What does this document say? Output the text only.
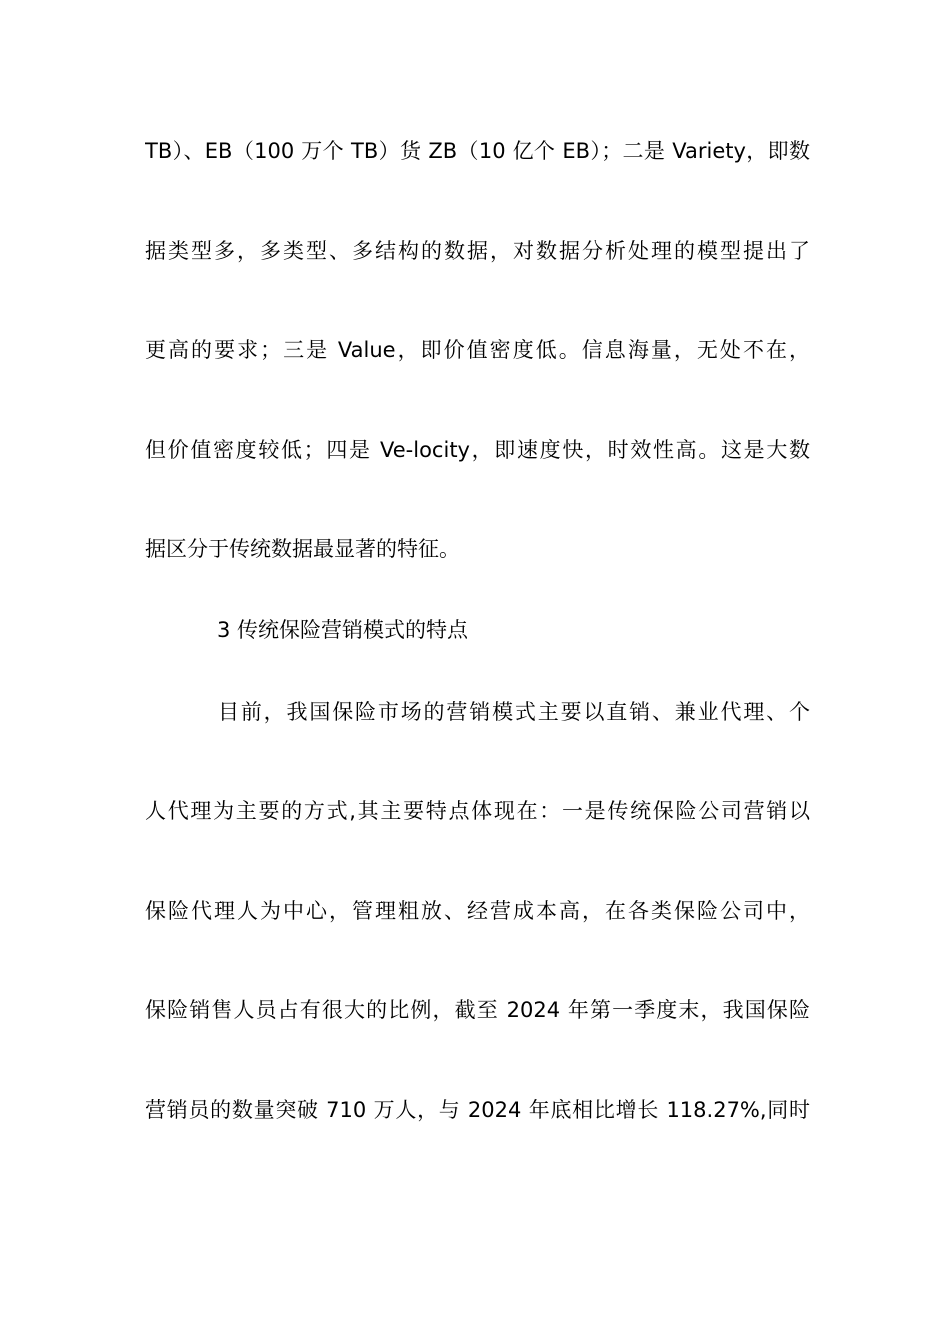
TB）、EB（100 万个 TB）货 ZB（10 亿个 EB）；二是 Variety，即数
据类型多，多类型、多结构的数据，对数据分析处理的模型提出了
更高的要求；三是 Value，即价值密度低。信息海量，无处不在，
但价值密度较低；四是 Ve-locity，即速度快，时效性高。这是大数
据区分于传统数据最显著的特征。
3 传统保险营销模式的特点
目前，我国保险市场的营销模式主要以直销、兼业代理、个
人代理为主要的方式,其主要特点体现在：一是传统保险公司营销以
保险代理人为中心，管理粗放、经营成本高，在各类保险公司中，
保险销售人员占有很大的比例，截至 2024 年第一季度末，我国保险
营销员的数量突破 710 万人，与 2024 年底相比增长 118.27%,同时
